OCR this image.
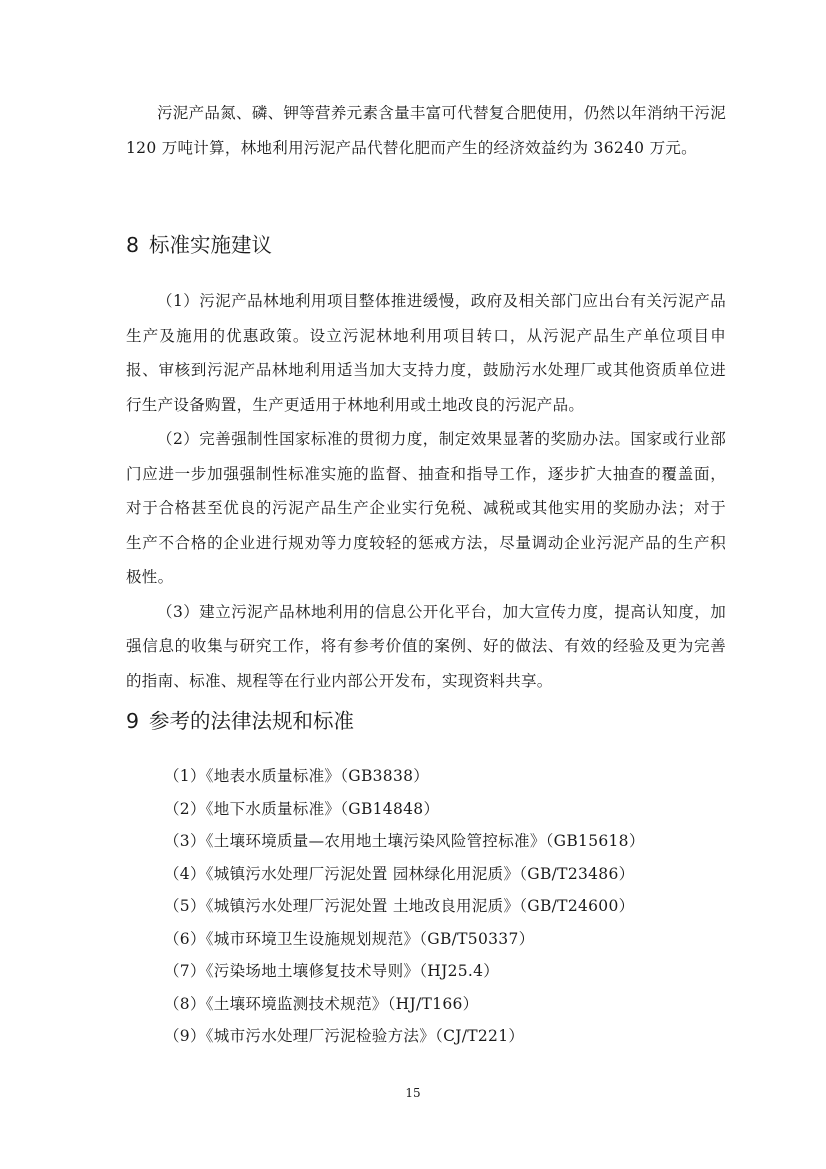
污泥产品氮、磷、钾等营养元素含量丰富可代替复合肥使用，仍然以年消纳干污泥 120 万吨计算，林地利用污泥产品代替化肥而产生的经济效益约为 36240 万元。

8 标准实施建议

（1）污泥产品林地利用项目整体推进缓慢，政府及相关部门应出台有关污泥产品生产及施用的优惠政策。设立污泥林地利用项目转口，从污泥产品生产单位项目申报、审核到污泥产品林地利用适当加大支持力度，鼓励污水处理厂或其他资质单位进行生产设备购置，生产更适用于林地利用或土地改良的污泥产品。

（2）完善强制性国家标准的贯彻力度，制定效果显著的奖励办法。国家或行业部门应进一步加强强制性标准实施的监督、抽查和指导工作，逐步扩大抽查的覆盖面，对于合格甚至优良的污泥产品生产企业实行免税、减税或其他实用的奖励办法；对于生产不合格的企业进行规劝等力度较轻的惩戒方法，尽量调动企业污泥产品的生产积极性。

（3）建立污泥产品林地利用的信息公开化平台，加大宣传力度，提高认知度，加强信息的收集与研究工作，将有参考价值的案例、好的做法、有效的经验及更为完善的指南、标准、规程等在行业内部公开发布，实现资料共享。

9 参考的法律法规和标准

（1）《地表水质量标准》（GB3838）

（2）《地下水质量标准》（GB14848）

（3）《土壤环境质量—农用地土壤污染风险管控标准》（GB15618）

（4）《城镇污水处理厂污泥处置 园林绿化用泥质》（GB/T23486）

（5）《城镇污水处理厂污泥处置 土地改良用泥质》（GB/T24600）

（6）《城市环境卫生设施规划规范》（GB/T50337）

（7）《污染场地土壤修复技术导则》（HJ25.4）

（8）《土壤环境监测技术规范》（HJ/T166）

（9）《城市污水处理厂污泥检验方法》（CJ/T221）

15
